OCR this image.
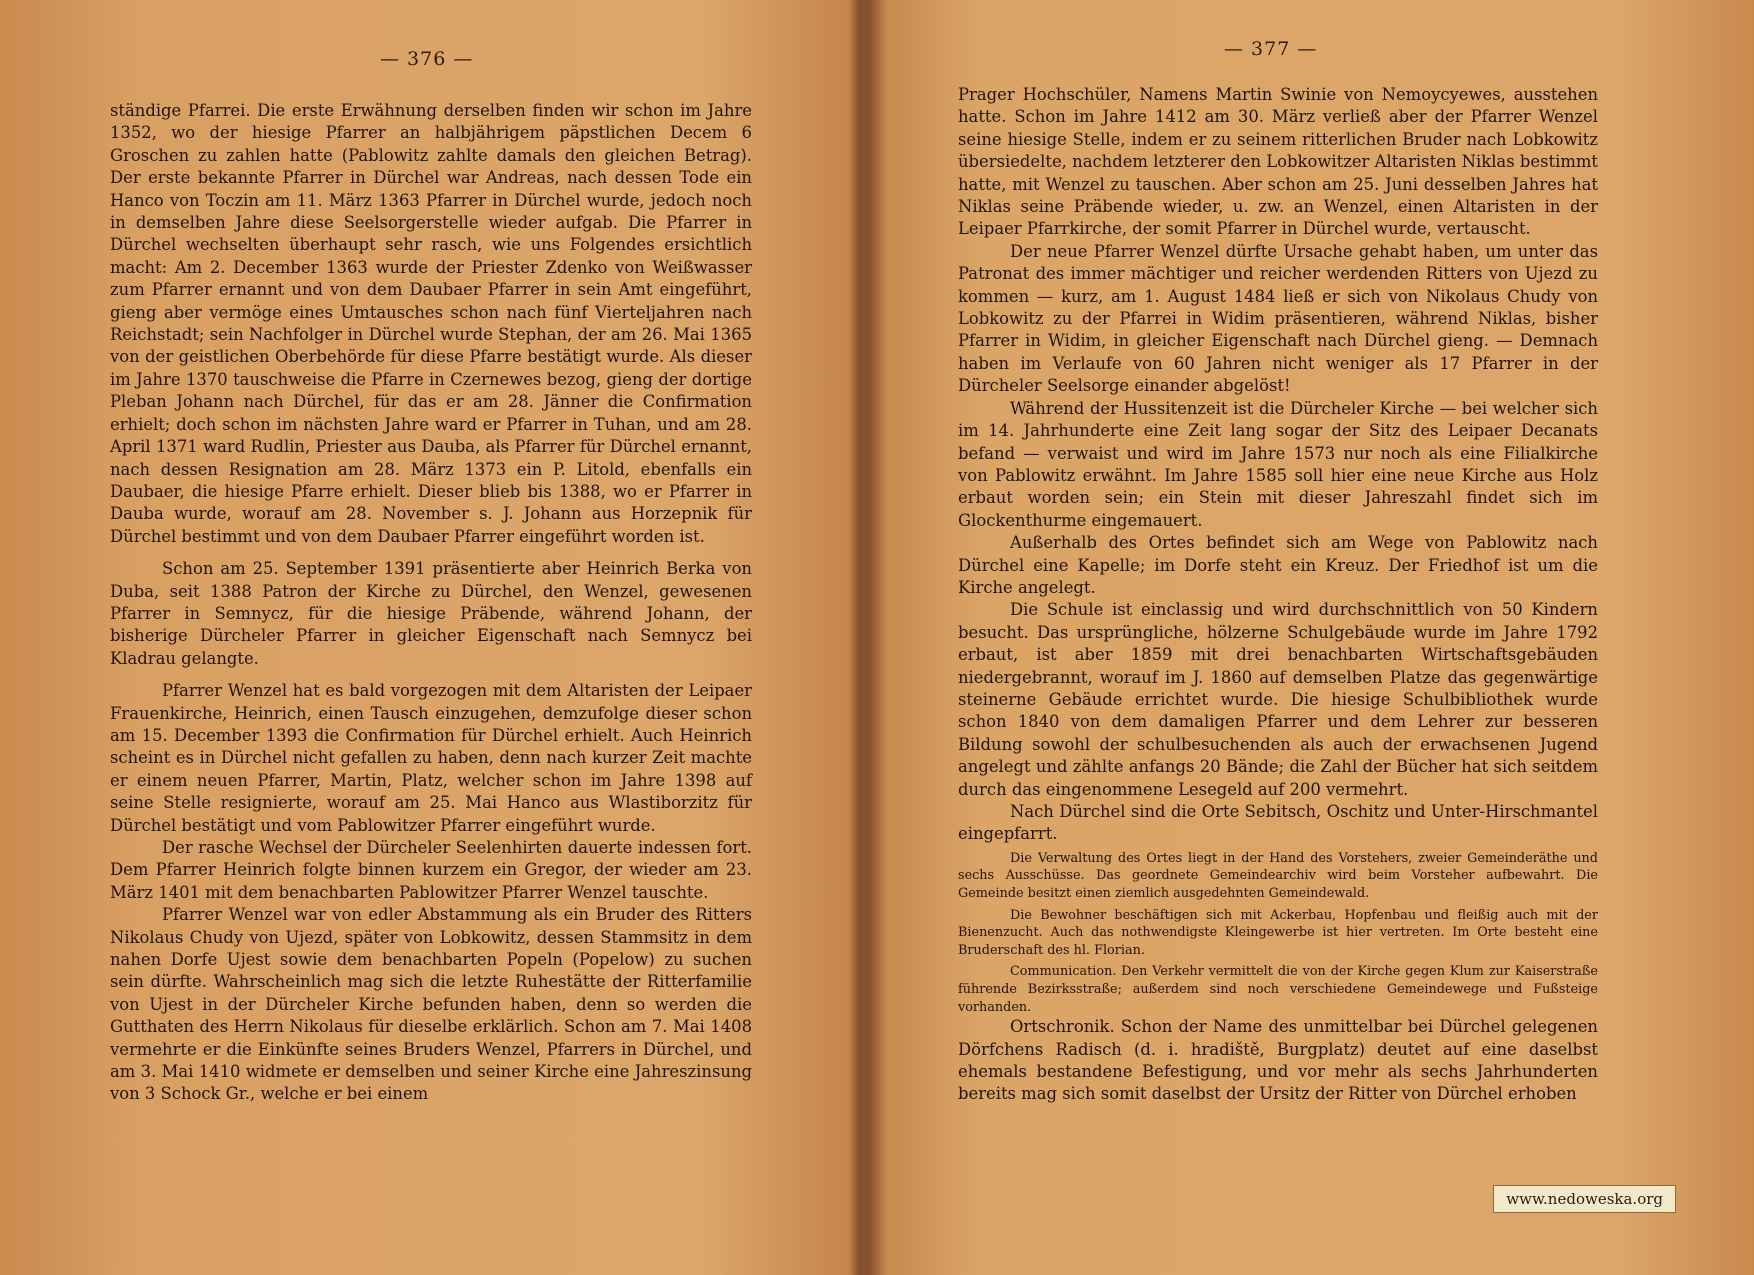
— 376 —

ständige Pfarrei. Die erste Erwähnung derselben finden wir schon im Jahre 1352, wo der hiesige Pfarrer an halbjährigem päpstlichen Decem 6 Groschen zu zahlen hatte (Pablowitz zahlte damals den gleichen Betrag). Der erste bekannte Pfarrer in Dürchel war Andreas, nach dessen Tode ein Hanco von Toczin am 11. März 1363 Pfarrer in Dürchel wurde, jedoch noch in demselben Jahre diese Seelsorgerstelle wieder aufgab. Die Pfarrer in Dürchel wechselten überhaupt sehr rasch, wie uns Folgendes ersichtlich macht: Am 2. December 1363 wurde der Priester Zdenko von Weißwasser zum Pfarrer ernannt und von dem Daubaer Pfarrer in sein Amt eingeführt, gieng aber vermöge eines Umtausches schon nach fünf Vierteljahren nach Reichstadt; sein Nachfolger in Dürchel wurde Stephan, der am 26. Mai 1365 von der geistlichen Oberbehörde für diese Pfarre bestätigt wurde. Als dieser im Jahre 1370 tauschweise die Pfarre in Czernewes bezog, gieng der dortige Pleban Johann nach Dürchel, für das er am 28. Jänner die Confirmation erhielt; doch schon im nächsten Jahre ward er Pfarrer in Tuhan, und am 28. April 1371 ward Rudlin, Priester aus Dauba, als Pfarrer für Dürchel ernannt, nach dessen Resignation am 28. März 1373 ein P. Litold, ebenfalls ein Daubaer, die hiesige Pfarre erhielt. Dieser blieb bis 1388, wo er Pfarrer in Dauba wurde, worauf am 28. November s. J. Johann aus Horzepnik für Dürchel bestimmt und von dem Daubaer Pfarrer eingeführt worden ist.

Schon am 25. September 1391 präsentierte aber Heinrich Berka von Duba, seit 1388 Patron der Kirche zu Dürchel, den Wenzel, gewesenen Pfarrer in Semnycz, für die hiesige Präbende, während Johann, der bisherige Dürcheler Pfarrer in gleicher Eigenschaft nach Semnycz bei Kladrau gelangte.

Pfarrer Wenzel hat es bald vorgezogen mit dem Altaristen der Leipaer Frauenkirche, Heinrich, einen Tausch einzugehen, demzufolge dieser schon am 15. December 1393 die Confirmation für Dürchel erhielt. Auch Heinrich scheint es in Dürchel nicht gefallen zu haben, denn nach kurzer Zeit machte er einem neuen Pfarrer, Martin, Platz, welcher schon im Jahre 1398 auf seine Stelle resignierte, worauf am 25. Mai Hanco aus Wlastiborzitz für Dürchel bestätigt und vom Pablowitzer Pfarrer eingeführt wurde.

Der rasche Wechsel der Dürcheler Seelenhirten dauerte indessen fort. Dem Pfarrer Heinrich folgte binnen kurzem ein Gregor, der wieder am 23. März 1401 mit dem benachbarten Pablowitzer Pfarrer Wenzel tauschte.

Pfarrer Wenzel war von edler Abstammung als ein Bruder des Ritters Nikolaus Chudy von Ujezd, später von Lobkowitz, dessen Stammsitz in dem nahen Dorfe Ujest sowie dem benachbarten Popeln (Popelow) zu suchen sein dürfte. Wahrscheinlich mag sich die letzte Ruhestätte der Ritterfamilie von Ujest in der Dürcheler Kirche befunden haben, denn so werden die Gutthaten des Herrn Nikolaus für dieselbe erklärlich. Schon am 7. Mai 1408 vermehrte er die Einkünfte seines Bruders Wenzel, Pfarrers in Dürchel, und am 3. Mai 1410 widmete er demselben und seiner Kirche eine Jahreszinsung von 3 Schock Gr., welche er bei einem

— 377 —

Prager Hochschüler, Namens Martin Swinie von Nemoycyewes, ausstehen hatte. Schon im Jahre 1412 am 30. März verließ aber der Pfarrer Wenzel seine hiesige Stelle, indem er zu seinem ritterlichen Bruder nach Lobkowitz übersiedelte, nachdem letzterer den Lobkowitzer Altaristen Niklas bestimmt hatte, mit Wenzel zu tauschen. Aber schon am 25. Juni desselben Jahres hat Niklas seine Präbende wieder, u. zw. an Wenzel, einen Altaristen in der Leipaer Pfarrkirche, der somit Pfarrer in Dürchel wurde, vertauscht.

Der neue Pfarrer Wenzel dürfte Ursache gehabt haben, um unter das Patronat des immer mächtiger und reicher werdenden Ritters von Ujezd zu kommen — kurz, am 1. August 1484 ließ er sich von Nikolaus Chudy von Lobkowitz zu der Pfarrei in Widim präsentieren, während Niklas, bisher Pfarrer in Widim, in gleicher Eigenschaft nach Dürchel gieng. — Demnach haben im Verlaufe von 60 Jahren nicht weniger als 17 Pfarrer in der Dürcheler Seelsorge einander abgelöst!

Während der Hussitenzeit ist die Dürcheler Kirche — bei welcher sich im 14. Jahrhunderte eine Zeit lang sogar der Sitz des Leipaer Decanats befand — verwaist und wird im Jahre 1573 nur noch als eine Filialkirche von Pablowitz erwähnt. Im Jahre 1585 soll hier eine neue Kirche aus Holz erbaut worden sein; ein Stein mit dieser Jahreszahl findet sich im Glockenthurme eingemauert.

Außerhalb des Ortes befindet sich am Wege von Pablowitz nach Dürchel eine Kapelle; im Dorfe steht ein Kreuz. Der Friedhof ist um die Kirche angelegt.

Die Schule ist einclassig und wird durchschnittlich von 50 Kindern besucht. Das ursprüngliche, hölzerne Schulgebäude wurde im Jahre 1792 erbaut, ist aber 1859 mit drei benachbarten Wirtschaftsgebäuden niedergebrannt, worauf im J. 1860 auf demselben Platze das gegenwärtige steinerne Gebäude errichtet wurde. Die hiesige Schulbibliothek wurde schon 1840 von dem damaligen Pfarrer und dem Lehrer zur besseren Bildung sowohl der schulbesuchenden als auch der erwachsenen Jugend angelegt und zählte anfangs 20 Bände; die Zahl der Bücher hat sich seitdem durch das eingenommene Lesegeld auf 200 vermehrt.

Nach Dürchel sind die Orte Sebitsch, Oschitz und Unter-Hirschmantel eingepfarrt.

Die Verwaltung des Ortes liegt in der Hand des Vorstehers, zweier Gemeinderäthe und sechs Ausschüsse. Das geordnete Gemeindearchiv wird beim Vorsteher aufbewahrt. Die Gemeinde besitzt einen ziemlich ausgedehnten Gemeindewald.

Die Bewohner beschäftigen sich mit Ackerbau, Hopfenbau und fleißig auch mit der Bienenzucht. Auch das nothwendigste Kleingewerbe ist hier vertreten. Im Orte besteht eine Bruderschaft des hl. Florian.

Communication. Den Verkehr vermittelt die von der Kirche gegen Klum zur Kaiserstraße führende Bezirksstraße; außerdem sind noch verschiedene Gemeindewege und Fußsteige vorhanden.

Ortschronik. Schon der Name des unmittelbar bei Dürchel gelegenen Dörfchens Radisch (d. i. hradiště, Burgplatz) deutet auf eine daselbst ehemals bestandene Befestigung, und vor mehr als sechs Jahrhunderten bereits mag sich somit daselbst der Ursitz der Ritter von Dürchel erhoben

www.nedoweska.org
